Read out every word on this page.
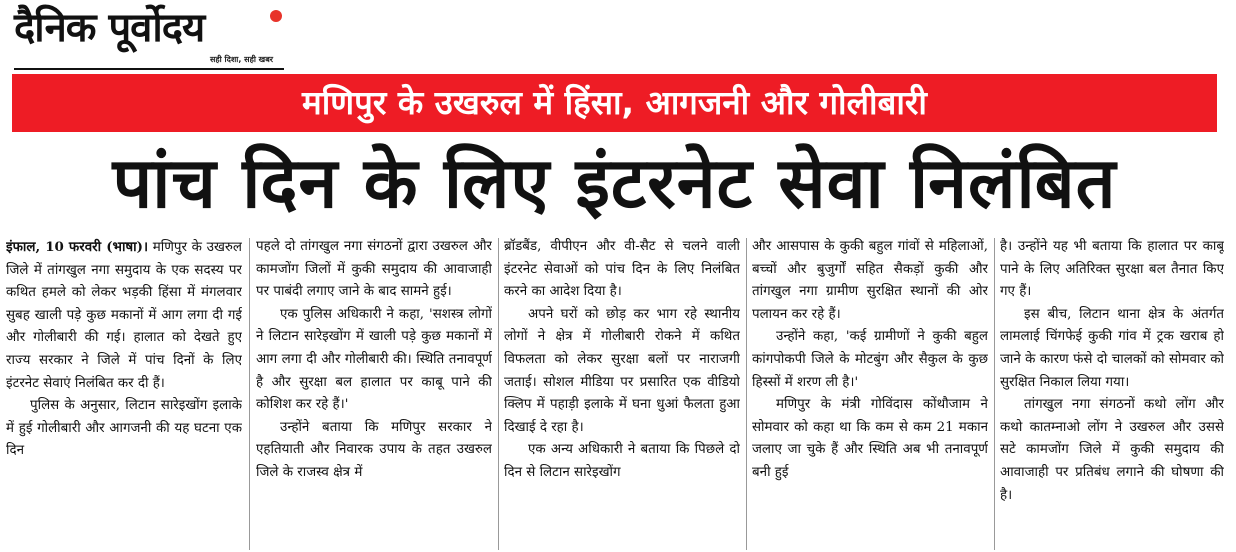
दैनिक पूर्वोदय
सही दिशा, सही खबर
मणिपुर के उखरुल में हिंसा, आगजनी और गोलीबारी
पांच दिन के लिए इंटरनेट सेवा निलंबित

इंफाल, 10 फरवरी (भाषा)। मणिपुर के उखरुल जिले में तांगखुल नगा समुदाय के एक सदस्य पर कथित हमले को लेकर भड़की हिंसा में मंगलवार सुबह खाली पड़े कुछ मकानों में आग लगा दी गई और गोलीबारी की गई। हालात को देखते हुए राज्य सरकार ने जिले में पांच दिनों के लिए इंटरनेट सेवाएं निलंबित कर दी हैं।

पुलिस के अनुसार, लिटान सारेइखोंग इलाके में हुई गोलीबारी और आगजनी की यह घटना एक दिन

पहले दो तांगखुल नगा संगठनों द्वारा उखरुल और कामजोंग जिलों में कुकी समुदाय की आवाजाही पर पाबंदी लगाए जाने के बाद सामने हुई।

एक पुलिस अधिकारी ने कहा, 'सशस्त्र लोगों ने लिटान सारेइखोंग में खाली पड़े कुछ मकानों में आग लगा दी और गोलीबारी की। स्थिति तनावपूर्ण है और सुरक्षा बल हालात पर काबू पाने की कोशिश कर रहे हैं।'

उन्होंने बताया कि मणिपुर सरकार ने एहतियाती और निवारक उपाय के तहत उखरुल जिले के राजस्व क्षेत्र में

ब्रॉडबैंड, वीपीएन और वी-सैट से चलने वाली इंटरनेट सेवाओं को पांच दिन के लिए निलंबित करने का आदेश दिया है।

अपने घरों को छोड़ कर भाग रहे स्थानीय लोगों ने क्षेत्र में गोलीबारी रोकने में कथित विफलता को लेकर सुरक्षा बलों पर नाराजगी जताई। सोशल मीडिया पर प्रसारित एक वीडियो क्लिप में पहाड़ी इलाके में घना धुआं फैलता हुआ दिखाई दे रहा है।

एक अन्य अधिकारी ने बताया कि पिछले दो दिन से लिटान सारेइखोंग

और आसपास के कुकी बहुल गांवों से महिलाओं, बच्चों और बुजुर्गों सहित सैकड़ों कुकी और तांगखुल नगा ग्रामीण सुरक्षित स्थानों की ओर पलायन कर रहे हैं।

उन्होंने कहा, 'कई ग्रामीणों ने कुकी बहुल कांगपोकपी जिले के मोटबुंग और सैकुल के कुछ हिस्सों में शरण ली है।'

मणिपुर के मंत्री गोविंदास कोंथौजाम ने सोमवार को कहा था कि कम से कम 21 मकान जलाए जा चुके हैं और स्थिति अब भी तनावपूर्ण बनी हुई

है। उन्होंने यह भी बताया कि हालात पर काबू पाने के लिए अतिरिक्त सुरक्षा बल तैनात किए गए हैं।

इस बीच, लिटान थाना क्षेत्र के अंतर्गत लामलाई चिंगफेई कुकी गांव में ट्रक खराब हो जाने के कारण फंसे दो चालकों को सोमवार को सुरक्षित निकाल लिया गया।

तांगखुल नगा संगठनों कथो लोंग और कथो कातम्नाओ लोंग ने उखरुल और उससे सटे कामजोंग जिले में कुकी समुदाय की आवाजाही पर प्रतिबंध लगाने की घोषणा की है।
